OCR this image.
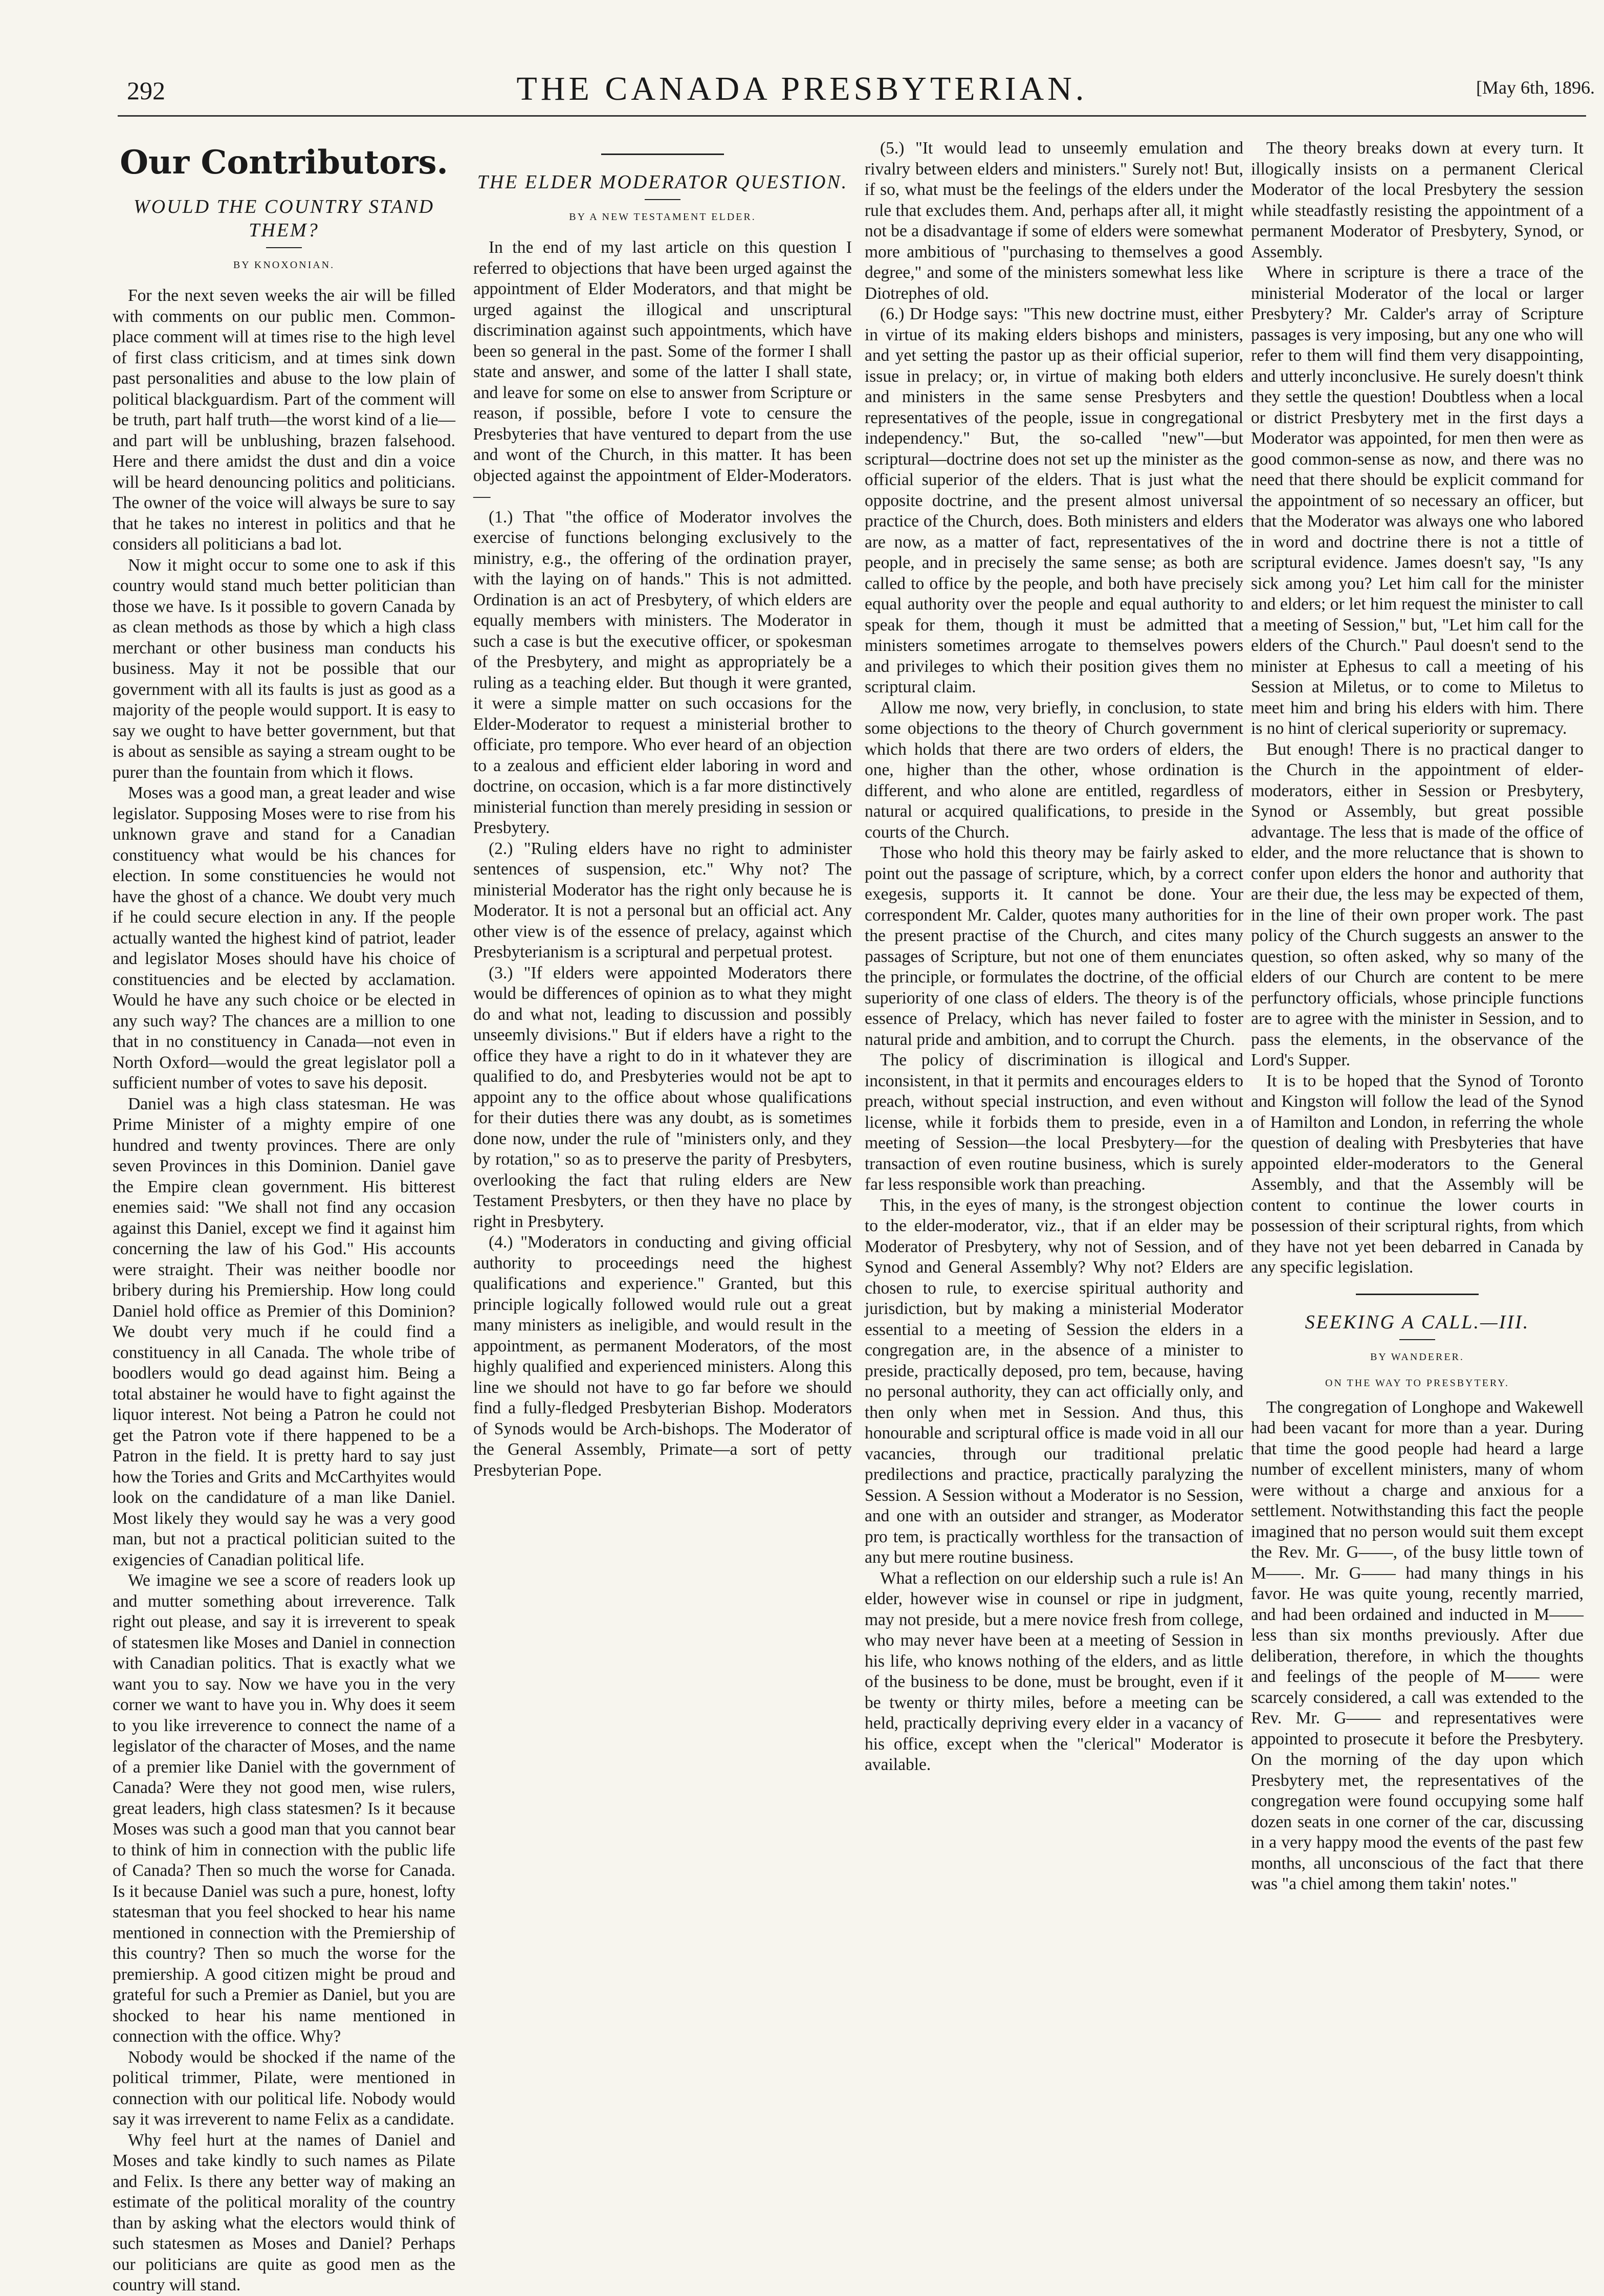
292	THE CANADA PRESBYTERIAN.	[May 6th, 1896.
Our Contributors.
WOULD THE COUNTRY STAND THEM?
BY KNOXONIAN.

For the next seven weeks the air will be filled with comments on our public men. Common-place comment will at times rise to the high level of first class criticism, and at times sink down past personalities and abuse to the low plain of political blackguardism. Part of the comment will be truth, part half truth—the worst kind of a lie—and part will be unblushing, brazen falsehood. Here and there amidst the dust and din a voice will be heard denouncing politics and politicians. The owner of the voice will always be sure to say that he takes no interest in politics and that he considers all politicians a bad lot.

Now it might occur to some one to ask if this country would stand much better politician than those we have. Is it possible to govern Canada by as clean methods as those by which a high class merchant or other business man conducts his business. May it not be possible that our government with all its faults is just as good as a majority of the people would support. It is easy to say we ought to have better government, but that is about as sensible as saying a stream ought to be purer than the fountain from which it flows.

Moses was a good man, a great leader and wise legislator. Supposing Moses were to rise from his unknown grave and stand for a Canadian constituency what would be his chances for election. In some constituencies he would not have the ghost of a chance. We doubt very much if he could secure election in any. If the people actually wanted the highest kind of patriot, leader and legislator Moses should have his choice of constituencies and be elected by acclamation. Would he have any such choice or be elected in any such way? The chances are a million to one that in no constituency in Canada—not even in North Oxford—would the great legislator poll a sufficient number of votes to save his deposit.

Daniel was a high class statesman. He was Prime Minister of a mighty empire of one hundred and twenty provinces. There are only seven Provinces in this Dominion. Daniel gave the Empire clean government. His bitterest enemies said: "We shall not find any occasion against this Daniel, except we find it against him concerning the law of his God." His accounts were straight. Their was neither boodle nor bribery during his Premiership. How long could Daniel hold office as Premier of this Dominion? We doubt very much if he could find a constituency in all Canada. The whole tribe of boodlers would go dead against him. Being a total abstainer he would have to fight against the liquor interest. Not being a Patron he could not get the Patron vote if there happened to be a Patron in the field. It is pretty hard to say just how the Tories and Grits and McCarthyites would look on the candidature of a man like Daniel. Most likely they would say he was a very good man, but not a practical politician suited to the exigencies of Canadian political life.

We imagine we see a score of readers look up and mutter something about irreverence. Talk right out please, and say it is irreverent to speak of statesmen like Moses and Daniel in connection with Canadian politics. That is exactly what we want you to say. Now we have you in the very corner we want to have you in. Why does it seem to you like irreverence to connect the name of a legislator of the character of Moses, and the name of a premier like Daniel with the government of Canada? Were they not good men, wise rulers, great leaders, high class statesmen? Is it because Moses was such a good man that you cannot bear to think of him in connection with the public life of Canada? Then so much the worse for Canada. Is it because Daniel was such a pure, honest, lofty statesman that you feel shocked to hear his name mentioned in connection with the Premiership of this country? Then so much the worse for the premiership. A good citizen might be proud and grateful for such a Premier as Daniel, but you are shocked to hear his name mentioned in connection with the office. Why?

Nobody would be shocked if the name of the political trimmer, Pilate, were mentioned in connection with our political life. Nobody would say it was irreverent to name Felix as a candidate.

Why feel hurt at the names of Daniel and Moses and take kindly to such names as Pilate and Felix. Is there any better way of making an estimate of the political morality of the country than by asking what the electors would think of such statesmen as Moses and Daniel? Perhaps our politicians are quite as good men as the country will stand.

THE ELDER MODERATOR QUESTION.
BY A NEW TESTAMENT ELDER.

In the end of my last article on this question I referred to objections that have been urged against the appointment of Elder Moderators, and that might be urged against the illogical and unscriptural discrimination against such appointments, which have been so general in the past. Some of the former I shall state and answer, and some of the latter I shall state, and leave for some on else to answer from Scripture or reason, if possible, before I vote to censure the Presbyteries that have ventured to depart from the use and wont of the Church, in this matter. It has been objected against the appointment of Elder-Moderators.—

(1.) That "the office of Moderator involves the exercise of functions belonging exclusively to the ministry, e.g., the offering of the ordination prayer, with the laying on of hands." This is not admitted. Ordination is an act of Presbytery, of which elders are equally members with ministers. The Moderator in such a case is but the executive officer, or spokesman of the Presbytery, and might as appropriately be a ruling as a teaching elder. But though it were granted, it were a simple matter on such occasions for the Elder-Moderator to request a ministerial brother to officiate, pro tempore. Who ever heard of an objection to a zealous and efficient elder laboring in word and doctrine, on occasion, which is a far more distinctively ministerial function than merely presiding in session or Presbytery.

(2.) "Ruling elders have no right to administer sentences of suspension, etc." Why not? The ministerial Moderator has the right only because he is Moderator. It is not a personal but an official act. Any other view is of the essence of prelacy, against which Presbyterianism is a scriptural and perpetual protest.

(3.) "If elders were appointed Moderators there would be differences of opinion as to what they might do and what not, leading to discussion and possibly unseemly divisions." But if elders have a right to the office they have a right to do in it whatever they are qualified to do, and Presbyteries would not be apt to appoint any to the office about whose qualifications for their duties there was any doubt, as is sometimes done now, under the rule of "ministers only, and they by rotation," so as to preserve the parity of Presbyters, overlooking the fact that ruling elders are New Testament Presbyters, or then they have no place by right in Presbytery.

(4.) "Moderators in conducting and giving official authority to proceedings need the highest qualifications and experience." Granted, but this principle logically followed would rule out a great many ministers as ineligible, and would result in the appointment, as permanent Moderators, of the most highly qualified and experienced ministers. Along this line we should not have to go far before we should find a fully-fledged Presbyterian Bishop. Moderators of Synods would be Arch-bishops. The Moderator of the General Assembly, Primate—a sort of petty Presbyterian Pope.

(5.) "It would lead to unseemly emulation and rivalry between elders and ministers." Surely not! But, if so, what must be the feelings of the elders under the rule that excludes them. And, perhaps after all, it might not be a disadvantage if some of elders were somewhat more ambitious of "purchasing to themselves a good degree," and some of the ministers somewhat less like Diotrephes of old.

(6.) Dr Hodge says: "This new doctrine must, either in virtue of its making elders bishops and ministers, and yet setting the pastor up as their official superior, issue in prelacy; or, in virtue of making both elders and ministers in the same sense Presbyters and representatives of the people, issue in congregational independency." But, the so-called "new"—but scriptural—doctrine does not set up the minister as the official superior of the elders. That is just what the opposite doctrine, and the present almost universal practice of the Church, does. Both ministers and elders are now, as a matter of fact, representatives of the people, and in precisely the same sense; as both are called to office by the people, and both have precisely equal authority over the people and equal authority to speak for them, though it must be admitted that ministers sometimes arrogate to themselves powers and privileges to which their position gives them no scriptural claim.

Allow me now, very briefly, in conclusion, to state some objections to the theory of Church government which holds that there are two orders of elders, the one, higher than the other, whose ordination is different, and who alone are entitled, regardless of natural or acquired qualifications, to preside in the courts of the Church.

Those who hold this theory may be fairly asked to point out the passage of scripture, which, by a correct exegesis, supports it. It cannot be done. Your correspondent Mr. Calder, quotes many authorities for the present practise of the Church, and cites many passages of Scripture, but not one of them enunciates the principle, or formulates the doctrine, of the official superiority of one class of elders. The theory is of the essence of Prelacy, which has never failed to foster natural pride and ambition, and to corrupt the Church.

The policy of discrimination is illogical and inconsistent, in that it permits and encourages elders to preach, without special instruction, and even without license, while it forbids them to preside, even in a meeting of Session—the local Presbytery—for the transaction of even routine business, which is surely far less responsible work than preaching.

This, in the eyes of many, is the strongest objection to the elder-moderator, viz., that if an elder may be Moderator of Presbytery, why not of Session, and of Synod and General Assembly? Why not? Elders are chosen to rule, to exercise spiritual authority and jurisdiction, but by making a ministerial Moderator essential to a meeting of Session the elders in a congregation are, in the absence of a minister to preside, practically deposed, pro tem, because, having no personal authority, they can act officially only, and then only when met in Session. And thus, this honourable and scriptural office is made void in all our vacancies, through our traditional prelatic predilections and practice, practically paralyzing the Session. A Session without a Moderator is no Session, and one with an outsider and stranger, as Moderator pro tem, is practically worthless for the transaction of any but mere routine business.

What a reflection on our eldership such a rule is! An elder, however wise in counsel or ripe in judgment, may not preside, but a mere novice fresh from college, who may never have been at a meeting of Session in his life, who knows nothing of the elders, and as little of the business to be done, must be brought, even if it be twenty or thirty miles, before a meeting can be held, practically depriving every elder in a vacancy of his office, except when the "clerical" Moderator is available.

The theory breaks down at every turn. It illogically insists on a permanent Clerical Moderator of the local Presbytery the session while steadfastly resisting the appointment of a permanent Moderator of Presbytery, Synod, or Assembly.

Where in scripture is there a trace of the ministerial Moderator of the local or larger Presbytery? Mr. Calder's array of Scripture passages is very imposing, but any one who will refer to them will find them very disappointing, and utterly inconclusive. He surely doesn't think they settle the question! Doubtless when a local or district Presbytery met in the first days a Moderator was appointed, for men then were as good common-sense as now, and there was no need that there should be explicit command for the appointment of so necessary an officer, but that the Moderator was always one who labored in word and doctrine there is not a tittle of scriptural evidence. James doesn't say, "Is any sick among you? Let him call for the minister and elders; or let him request the minister to call a meeting of Session," but, "Let him call for the elders of the Church." Paul doesn't send to the minister at Ephesus to call a meeting of his Session at Miletus, or to come to Miletus to meet him and bring his elders with him. There is no hint of clerical superiority or supremacy.

But enough! There is no practical danger to the Church in the appointment of elder-moderators, either in Session or Presbytery, Synod or Assembly, but great possible advantage. The less that is made of the office of elder, and the more reluctance that is shown to confer upon elders the honor and authority that are their due, the less may be expected of them, in the line of their own proper work. The past policy of the Church suggests an answer to the question, so often asked, why so many of the elders of our Church are content to be mere perfunctory officials, whose principle functions are to agree with the minister in Session, and to pass the elements, in the observance of the Lord's Supper.

It is to be hoped that the Synod of Toronto and Kingston will follow the lead of the Synod of Hamilton and London, in referring the whole question of dealing with Presbyteries that have appointed elder-moderators to the General Assembly, and that the Assembly will be content to continue the lower courts in possession of their scriptural rights, from which they have not yet been debarred in Canada by any specific legislation.

SEEKING A CALL.—III.
BY WANDERER.
ON THE WAY TO PRESBYTERY.

The congregation of Longhope and Wakewell had been vacant for more than a year. During that time the good people had heard a large number of excellent ministers, many of whom were without a charge and anxious for a settlement. Notwithstanding this fact the people imagined that no person would suit them except the Rev. Mr. G——, of the busy little town of M——. Mr. G—— had many things in his favor. He was quite young, recently married, and had been ordained and inducted in M—— less than six months previously. After due deliberation, therefore, in which the thoughts and feelings of the people of M—— were scarcely considered, a call was extended to the Rev. Mr. G—— and representatives were appointed to prosecute it before the Presbytery. On the morning of the day upon which Presbytery met, the representatives of the congregation were found occupying some half dozen seats in one corner of the car, discussing in a very happy mood the events of the past few months, all unconscious of the fact that there was "a chiel among them takin' notes."
